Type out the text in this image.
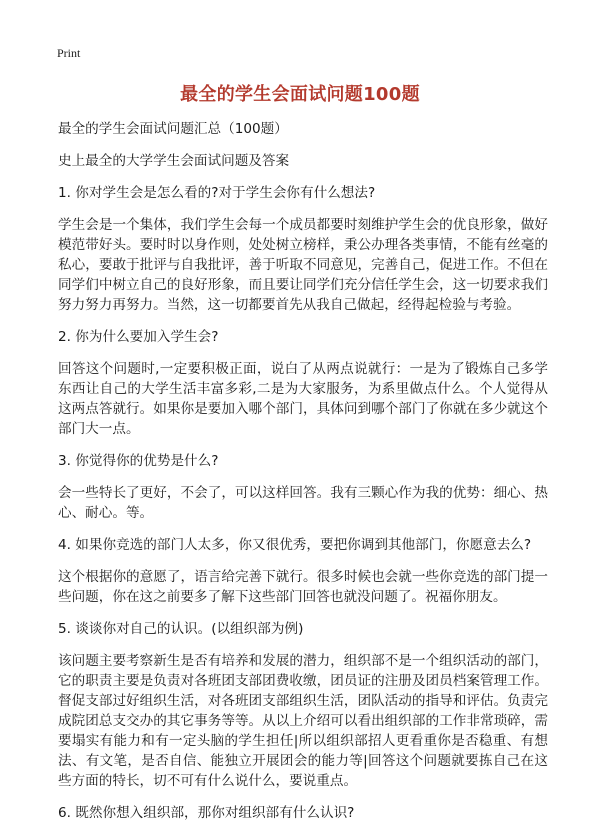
Print
最全的学生会面试问题100题

最全的学生会面试问题汇总（100题）

史上最全的大学学生会面试问题及答案

1. 你对学生会是怎么看的?对于学生会你有什么想法?

学生会是一个集体，我们学生会每一个成员都要时刻维护学生会的优良形象，做好模范带好头。要时时以身作则，处处树立榜样，秉公办理各类事情，不能有丝毫的私心，要敢于批评与自我批评，善于听取不同意见，完善自己，促进工作。不但在同学们中树立自己的良好形象，而且要让同学们充分信任学生会，这一切要求我们努力努力再努力。当然，这一切都要首先从我自己做起，经得起检验与考验。

2. 你为什么要加入学生会?

回答这个问题时,一定要积极正面，说白了从两点说就行：一是为了锻炼自己多学东西让自己的大学生活丰富多彩,二是为大家服务，为系里做点什么。个人觉得从这两点答就行。如果你是要加入哪个部门，具体问到哪个部门了你就在多少就这个部门大一点。

3. 你觉得你的优势是什么?

会一些特长了更好，不会了，可以这样回答。我有三颗心作为我的优势：细心、热心、耐心。等。

4. 如果你竞选的部门人太多，你又很优秀，要把你调到其他部门，你愿意去么?

这个根据你的意愿了，语言给完善下就行。很多时候也会就一些你竞选的部门提一些问题，你在这之前要多了解下这些部门回答也就没问题了。祝福你朋友。

5. 谈谈你对自己的认识。(以组织部为例)

该问题主要考察新生是否有培养和发展的潜力，组织部不是一个组织活动的部门，它的职责主要是负责对各班团支部团费收缴，团员证的注册及团员档案管理工作。督促支部过好组织生活，对各班团支部组织生活，团队活动的指导和评估。负责完成院团总支交办的其它事务等等。从以上介绍可以看出组织部的工作非常琐碎，需要塌实有能力和有一定头脑的学生担任|所以组织部招人更看重你是否稳重、有想法、有文笔，是否自信、能独立开展团会的能力等|回答这个问题就要拣自己在这些方面的特长，切不可有什么说什么，要说重点。

6. 既然你想入组织部，那你对组织部有什么认识?
